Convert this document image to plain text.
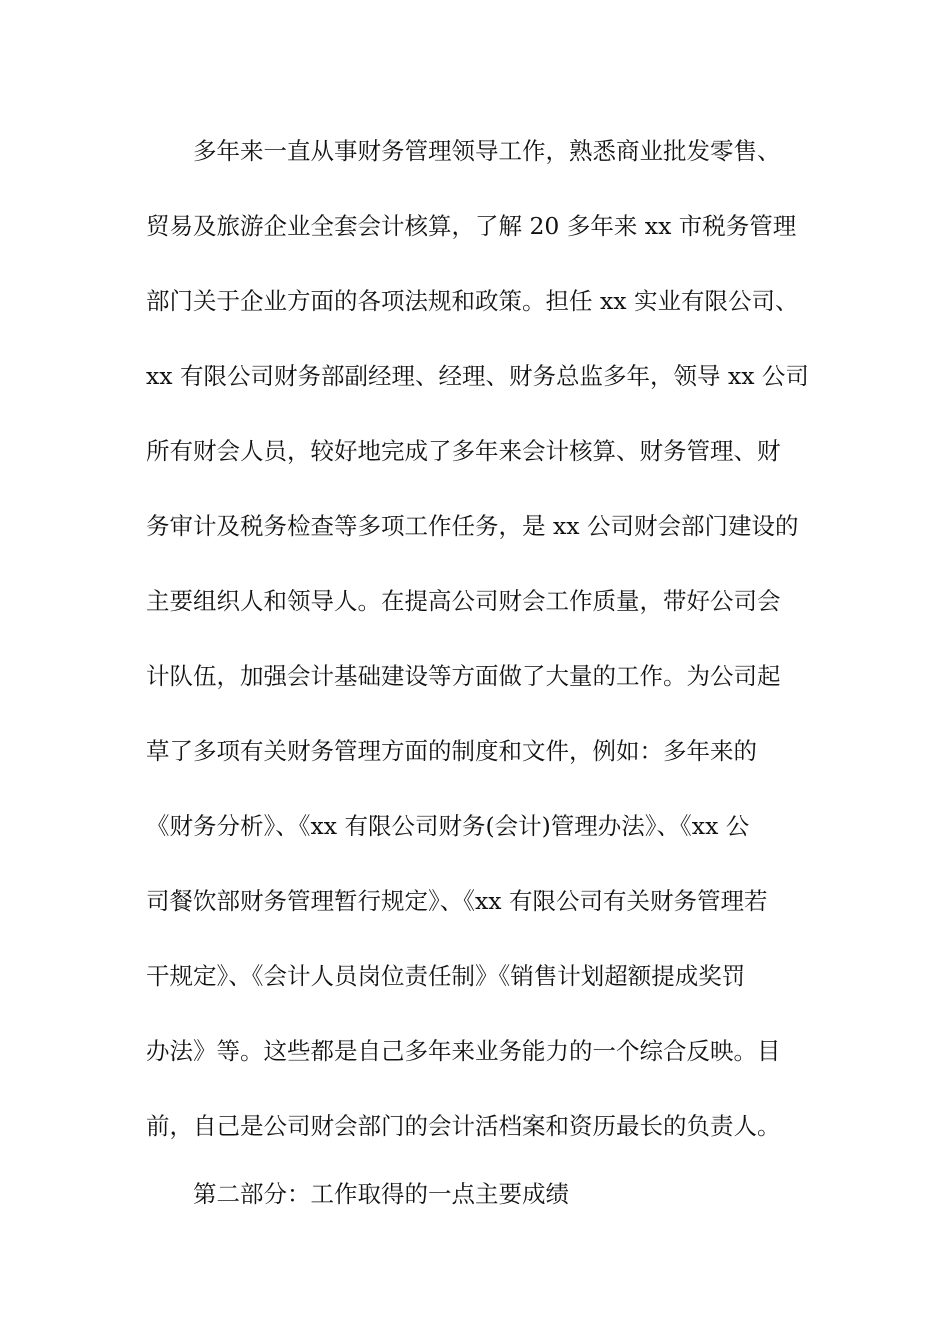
多年来一直从事财务管理领导工作，熟悉商业批发零售、
贸易及旅游企业全套会计核算，了解 20 多年来 xx 市税务管理
部门关于企业方面的各项法规和政策。担任 xx 实业有限公司、
xx 有限公司财务部副经理、经理、财务总监多年，领导 xx 公司
所有财会人员，较好地完成了多年来会计核算、财务管理、财
务审计及税务检查等多项工作任务，是 xx 公司财会部门建设的
主要组织人和领导人。在提高公司财会工作质量，带好公司会
计队伍，加强会计基础建设等方面做了大量的工作。为公司起
草了多项有关财务管理方面的制度和文件，例如：多年来的
《财务分析》、《xx 有限公司财务(会计)管理办法》、《xx 公
司餐饮部财务管理暂行规定》、《xx 有限公司有关财务管理若
干规定》、《会计人员岗位责任制》《销售计划超额提成奖罚
办法》等。这些都是自己多年来业务能力的一个综合反映。目
前，自己是公司财会部门的会计活档案和资历最长的负责人。
第二部分：工作取得的一点主要成绩
